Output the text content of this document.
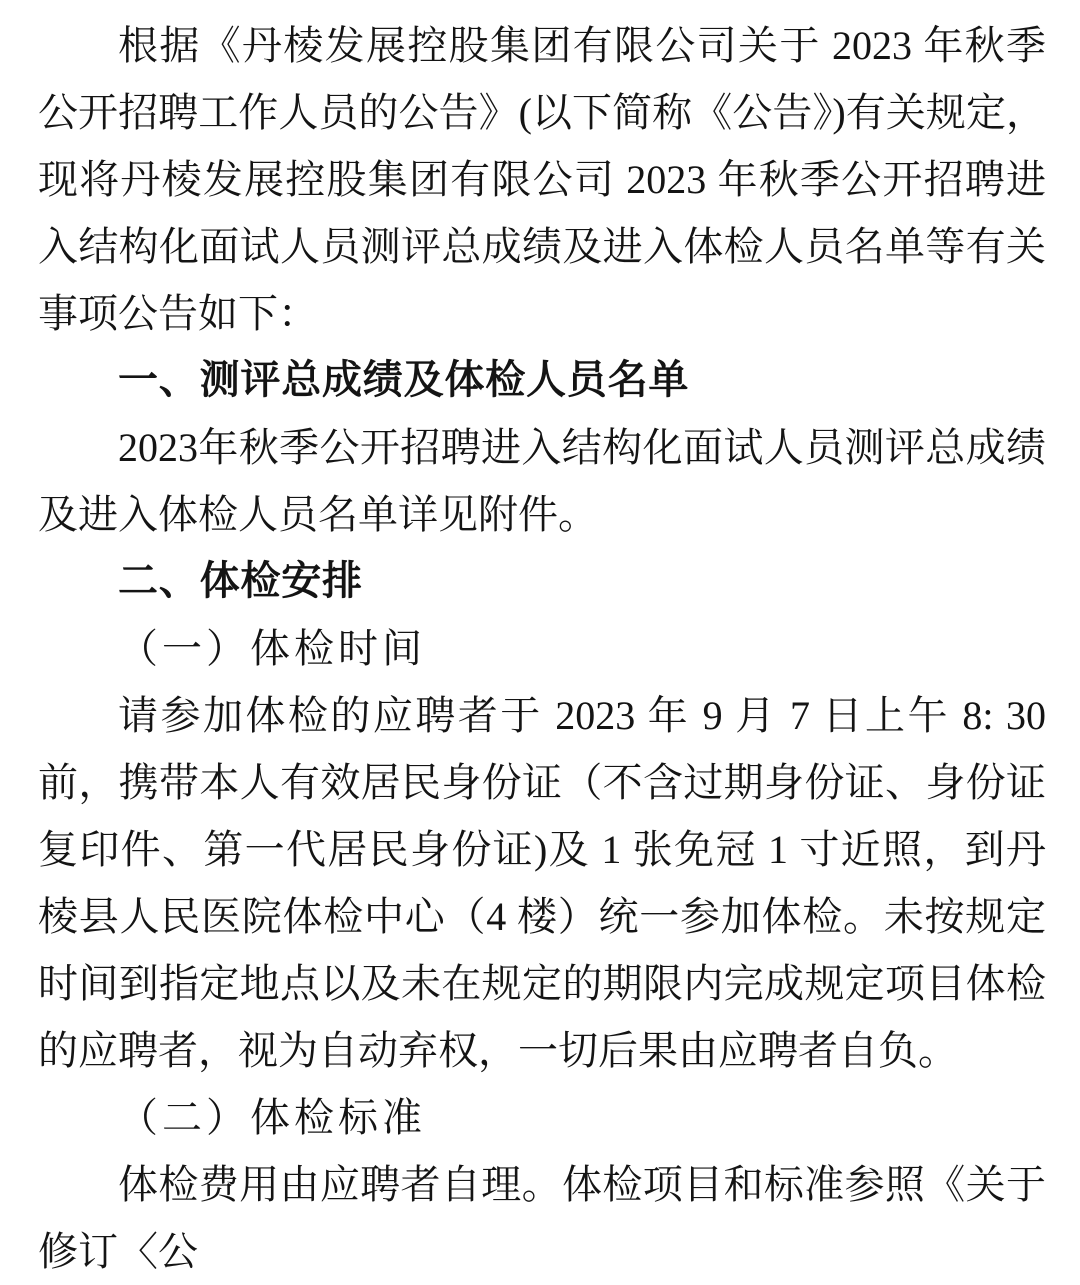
根据《丹棱发展控股集团有限公司关于 2023 年秋季公开招聘工作人员的公告》(以下简称《公告》)有关规定，现将丹棱发展控股集团有限公司 2023 年秋季公开招聘进入结构化面试人员测评总成绩及进入体检人员名单等有关事项公告如下：

一、测评总成绩及体检人员名单

2023年秋季公开招聘进入结构化面试人员测评总成绩及进入体检人员名单详见附件。

二、体检安排
（一）体检时间

请参加体检的应聘者于 2023 年 9 月 7 日上午 8: 30 前，携带本人有效居民身份证（不含过期身份证、身份证复印件、第一代居民身份证)及 1 张免冠 1 寸近照，到丹棱县人民医院体检中心（4 楼）统一参加体检。未按规定时间到指定地点以及未在规定的期限内完成规定项目体检的应聘者，视为自动弃权，一切后果由应聘者自负。

（二）体检标准

体检费用由应聘者自理。体检项目和标准参照《关于修订〈公
